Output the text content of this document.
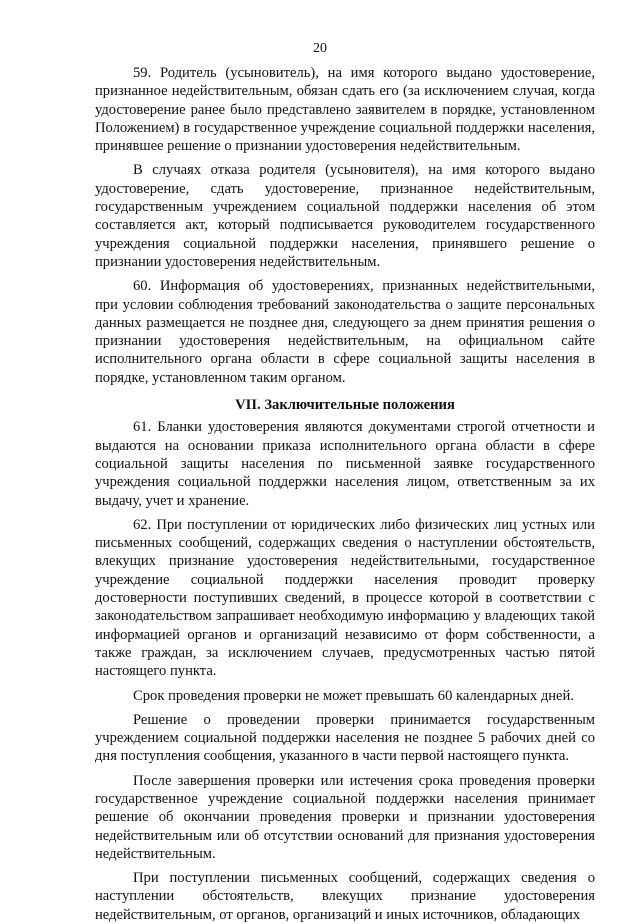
20

59. Родитель (усыновитель), на имя которого выдано удостоверение, признанное недействительным, обязан сдать его (за исключением случая, когда удостоверение ранее было представлено заявителем в порядке, установленном Положением) в государственное учреждение социальной поддержки населения, принявшее решение о признании удостоверения недействительным.

В случаях отказа родителя (усыновителя), на имя которого выдано удостоверение, сдать удостоверение, признанное недействительным, государственным учреждением социальной поддержки населения об этом составляется акт, который подписывается руководителем государственного учреждения социальной поддержки населения, принявшего решение о признании удостоверения недействительным.

60. Информация об удостоверениях, признанных недействительными, при условии соблюдения требований законодательства о защите персональных данных размещается не позднее дня, следующего за днем принятия решения о признании удостоверения недействительным, на официальном сайте исполнительного органа области в сфере социальной защиты населения в порядке, установленном таким органом.

VII. Заключительные положения

61. Бланки удостоверения являются документами строгой отчетности и выдаются на основании приказа исполнительного органа области в сфере социальной защиты населения по письменной заявке государственного учреждения социальной поддержки населения лицом, ответственным за их выдачу, учет и хранение.

62. При поступлении от юридических либо физических лиц устных или письменных сообщений, содержащих сведения о наступлении обстоятельств, влекущих признание удостоверения недействительными, государственное учреждение социальной поддержки населения проводит проверку достоверности поступивших сведений, в процессе которой в соответствии с законодательством запрашивает необходимую информацию у владеющих такой информацией органов и организаций независимо от форм собственности, а также граждан, за исключением случаев, предусмотренных частью пятой настоящего пункта.

Срок проведения проверки не может превышать 60 календарных дней.

Решение о проведении проверки принимается государственным учреждением социальной поддержки населения не позднее 5 рабочих дней со дня поступления сообщения, указанного в части первой настоящего пункта.

После завершения проверки или истечения срока проведения проверки государственное учреждение социальной поддержки населения принимает решение об окончании проведения проверки и признании удостоверения недействительным или об отсутствии оснований для признания удостоверения недействительным.

При поступлении письменных сообщений, содержащих сведения о наступлении обстоятельств, влекущих признание удостоверения недействительным, от органов, организаций и иных источников, обладающих
